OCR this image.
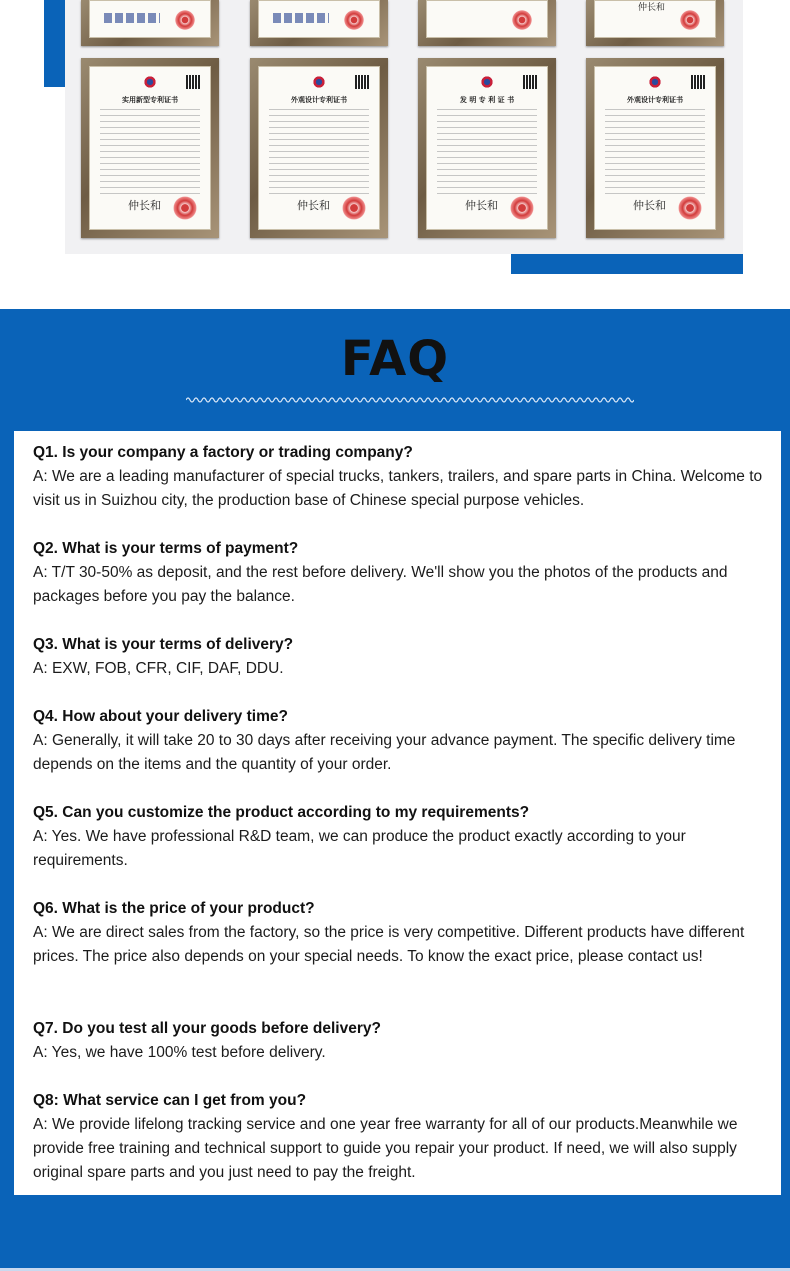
仲长和
实用新型专利证书
仲长和
外观设计专利证书
仲长和
发 明 专 利 证 书
仲长和
外观设计专利证书
仲长和
FAQ

Q1. Is your company a factory or trading company?

A: We are a leading manufacturer of special trucks, tankers, trailers, and spare parts in China. Welcome to visit us in Suizhou city, the production base of Chinese special purpose vehicles.

Q2. What is your terms of payment?

A: T/T 30-50% as deposit, and the rest before delivery. We'll show you the photos of the products and packages before you pay the balance.

Q3. What is your terms of delivery?

A: EXW, FOB, CFR, CIF, DAF, DDU.

Q4. How about your delivery time?

A: Generally, it will take 20 to 30 days after receiving your advance payment. The specific delivery time depends on the items and the quantity of your order.

Q5. Can you customize the product according to my requirements?

A: Yes. We have professional R&D team, we can produce the product exactly according to your requirements.

Q6. What is the price of your product?

A: We are direct sales from the factory, so the price is very competitive. Different products have different prices. The price also depends on your special needs. To know the exact price, please contact us!

Q7. Do you test all your goods before delivery?

A: Yes, we have 100% test before delivery.

Q8: What service can I get from you?

A: We provide lifelong tracking service and one year free warranty for all of our products.Meanwhile we provide free training and technical support to guide you repair your product. If need, we will also supply original spare parts and you just need to pay the freight.
